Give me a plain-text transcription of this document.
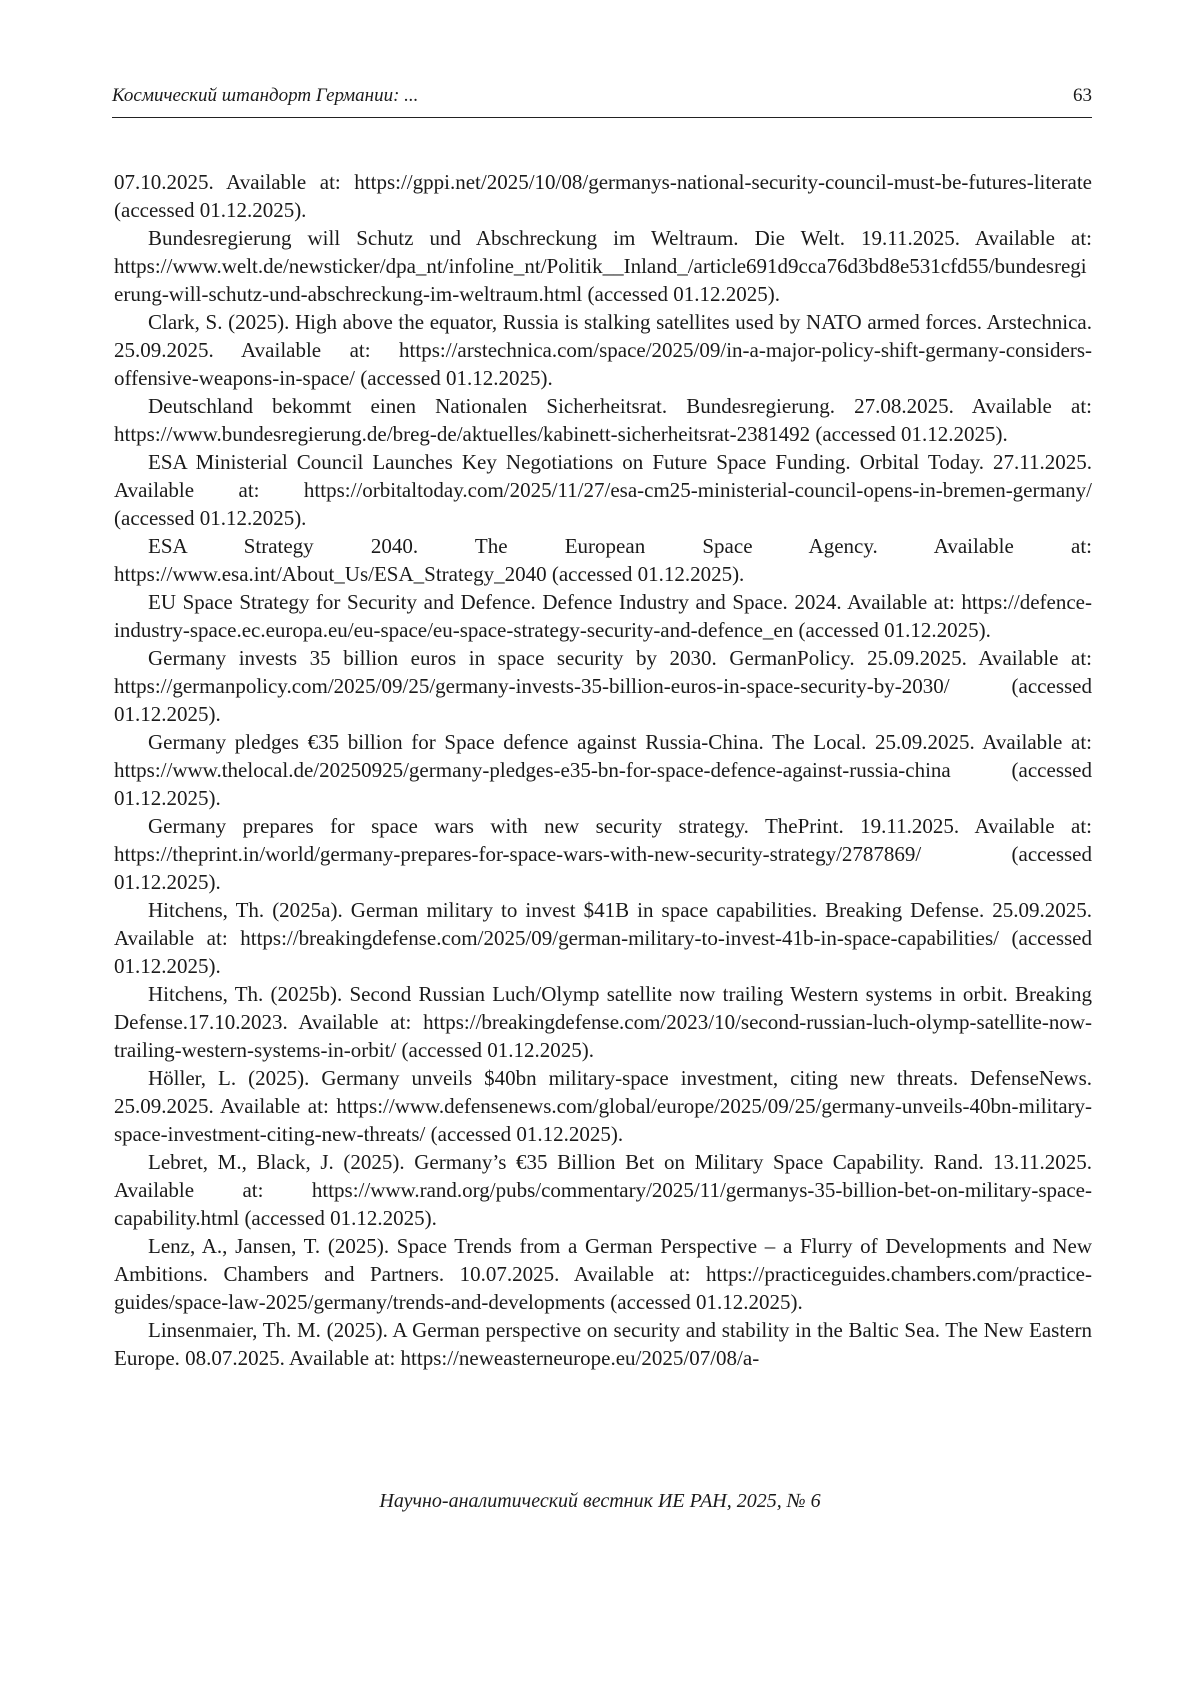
Космический штандорт Германии: ...	63

07.10.2025. Available at: https://gppi.net/2025/10/08/germanys-national-security-council-must-be-futures-literate (accessed 01.12.2025).

Bundesregierung will Schutz und Abschreckung im Weltraum. Die Welt. 19.11.2025. Available at: https://www.welt.de/newsticker/dpa_nt/infoline_nt/Politik__Inland_/article691d9cca76d3bd8e531cfd55/bundesregierung-will-schutz-und-abschreckung-im-weltraum.html (accessed 01.12.2025).

Clark, S. (2025). High above the equator, Russia is stalking satellites used by NATO armed forces. Arstechnica. 25.09.2025. Available at: https://arstechnica.com/space/2025/09/in-a-major-policy-shift-germany-considers-offensive-weapons-in-space/ (accessed 01.12.2025).

Deutschland bekommt einen Nationalen Sicherheitsrat. Bundesregierung. 27.08.2025. Available at: https://www.bundesregierung.de/breg-de/aktuelles/kabinett-sicherheitsrat-2381492 (accessed 01.12.2025).

ESA Ministerial Council Launches Key Negotiations on Future Space Funding. Orbital Today. 27.11.2025. Available at: https://orbitaltoday.com/2025/11/27/esa-cm25-ministerial-council-opens-in-bremen-germany/ (accessed 01.12.2025).

ESA Strategy 2040. The European Space Agency. Available at: https://www.esa.int/About_Us/ESA_Strategy_2040 (accessed 01.12.2025).

EU Space Strategy for Security and Defence. Defence Industry and Space. 2024. Available at: https://defence-industry-space.ec.europa.eu/eu-space/eu-space-strategy-security-and-defence_en (accessed 01.12.2025).

Germany invests 35 billion euros in space security by 2030. GermanPolicy. 25.09.2025. Available at: https://germanpolicy.com/2025/09/25/germany-invests-35-billion-euros-in-space-security-by-2030/ (accessed 01.12.2025).

Germany pledges €35 billion for Space defence against Russia-China. The Local. 25.09.2025. Available at: https://www.thelocal.de/20250925/germany-pledges-e35-bn-for-space-defence-against-russia-china (accessed 01.12.2025).

Germany prepares for space wars with new security strategy. ThePrint. 19.11.2025. Available at: https://theprint.in/world/germany-prepares-for-space-wars-with-new-security-strategy/2787869/ (accessed 01.12.2025).

Hitchens, Th. (2025a). German military to invest $41B in space capabilities. Breaking Defense. 25.09.2025. Available at: https://breakingdefense.com/2025/09/german-military-to-invest-41b-in-space-capabilities/ (accessed 01.12.2025).

Hitchens, Th. (2025b). Second Russian Luch/Olymp satellite now trailing Western systems in orbit. Breaking Defense.17.10.2023. Available at: https://breakingdefense.com/2023/10/second-russian-luch-olymp-satellite-now-trailing-western-systems-in-orbit/ (accessed 01.12.2025).

Höller, L. (2025). Germany unveils $40bn military-space investment, citing new threats. DefenseNews. 25.09.2025. Available at: https://www.defensenews.com/global/europe/2025/09/25/germany-unveils-40bn-military-space-investment-citing-new-threats/ (accessed 01.12.2025).

Lebret, M., Black, J. (2025). Germany’s €35 Billion Bet on Military Space Capability. Rand. 13.11.2025. Available at: https://www.rand.org/pubs/commentary/2025/11/germanys-35-billion-bet-on-military-space-capability.html (accessed 01.12.2025).

Lenz, A., Jansen, T. (2025). Space Trends from a German Perspective – a Flurry of Developments and New Ambitions. Chambers and Partners. 10.07.2025. Available at: https://practiceguides.chambers.com/practice-guides/space-law-2025/germany/trends-and-developments (accessed 01.12.2025).

Linsenmaier, Th. M. (2025). A German perspective on security and stability in the Baltic Sea. The New Eastern Europe. 08.07.2025. Available at: https://neweasterneurope.eu/2025/07/08/a-

Научно-аналитический вестник ИЕ РАН, 2025, № 6
